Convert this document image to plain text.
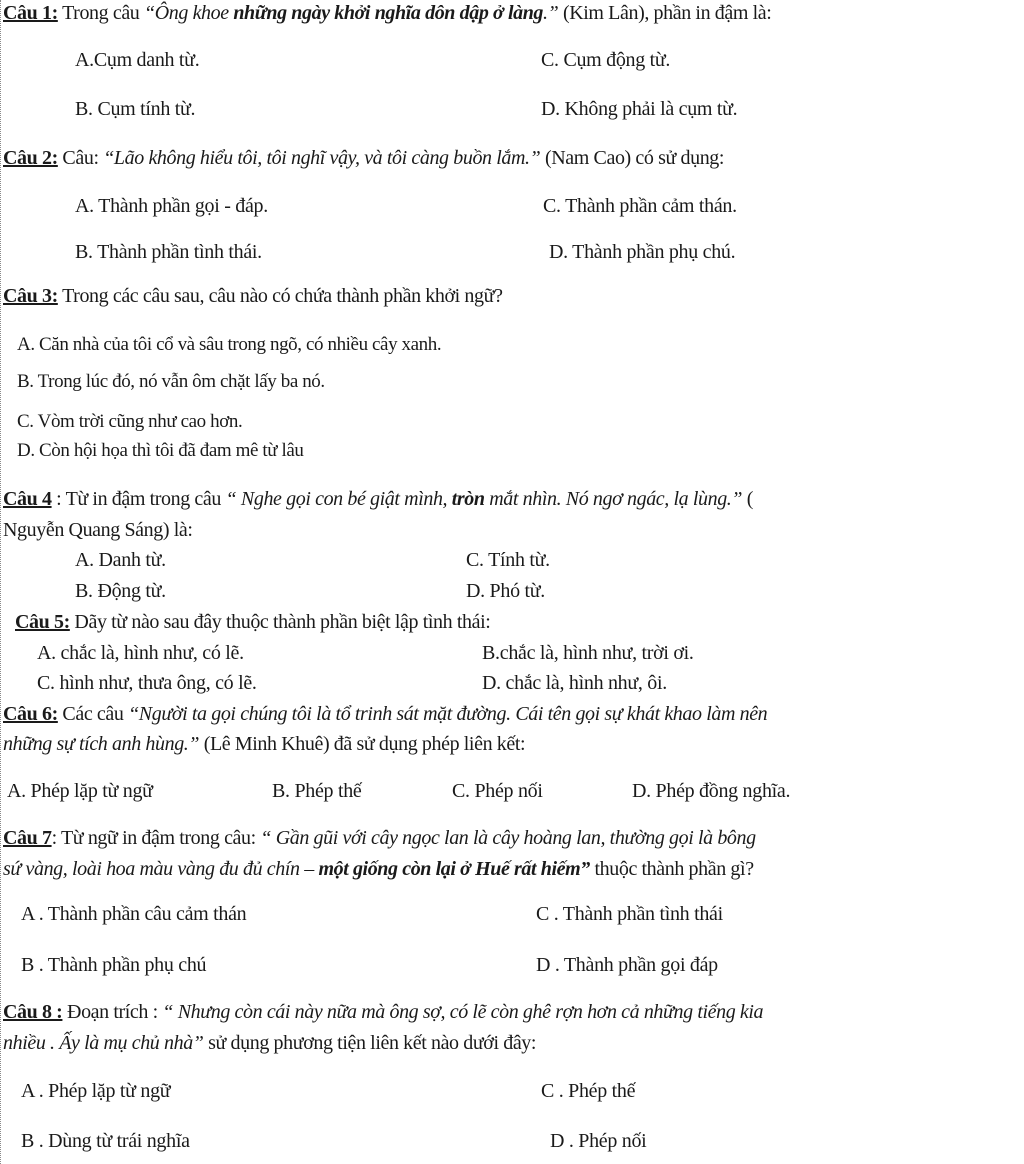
Câu 1: Trong câu “Ông khoe những ngày khởi nghĩa dôn dập ở làng.” (Kim Lân), phần in đậm là:
A.Cụm danh từ.	C. Cụm động từ.
B. Cụm tính từ.	D. Không phải là cụm từ.
Câu 2: Câu: “Lão không hiểu tôi, tôi nghĩ vậy, và tôi càng buồn lắm.” (Nam Cao) có sử dụng:
A. Thành phần gọi - đáp.	C. Thành phần cảm thán.
B. Thành phần tình thái.	D. Thành phần phụ chú.
Câu 3: Trong các câu sau, câu nào có chứa thành phần khởi ngữ?
A. Căn nhà của tôi cổ và sâu trong ngõ, có nhiều cây xanh.
B. Trong lúc đó, nó vẫn ôm chặt lấy ba nó.
C. Vòm trời cũng như cao hơn.
D. Còn hội họa thì tôi đã đam mê từ lâu
Câu 4 : Từ in đậm trong câu “ Nghe gọi con bé giật mình, tròn mắt nhìn. Nó ngơ ngác, lạ lùng.” (
Nguyễn Quang Sáng) là:
A. Danh từ.	C. Tính từ.
B. Động từ.	D. Phó từ.
Câu 5: Dãy từ nào sau đây thuộc thành phần biệt lập tình thái:
A. chắc là, hình như, có lẽ.	B.chắc là, hình như, trời ơi.
C. hình như, thưa ông, có lẽ.	D. chắc là, hình như, ôi.
Câu 6: Các câu “Người ta gọi chúng tôi là tổ trinh sát mặt đường. Cái tên gọi sự khát khao làm nên
những sự tích anh hùng.” (Lê Minh Khuê) đã sử dụng phép liên kết:
A. Phép lặp từ ngữ	B. Phép thế	C. Phép nối	D. Phép đồng nghĩa.
Câu 7: Từ ngữ in đậm trong câu: “ Gần gũi với cây ngọc lan là cây hoàng lan, thường gọi là bông
sứ vàng, loài hoa màu vàng đu đủ chín – một giống còn lại ở Huế rất hiếm” thuộc thành phần gì?
A . Thành phần câu cảm thán	C . Thành phần tình thái
B . Thành phần phụ chú	D . Thành phần gọi đáp
Câu 8 : Đoạn trích : “ Nhưng còn cái này nữa mà ông sợ, có lẽ còn ghê rợn hơn cả những tiếng kia
nhiều . Ấy là mụ chủ nhà” sử dụng phương tiện liên kết nào dưới đây:
A . Phép lặp từ ngữ	C . Phép thế
B . Dùng từ trái nghĩa	D . Phép nối
